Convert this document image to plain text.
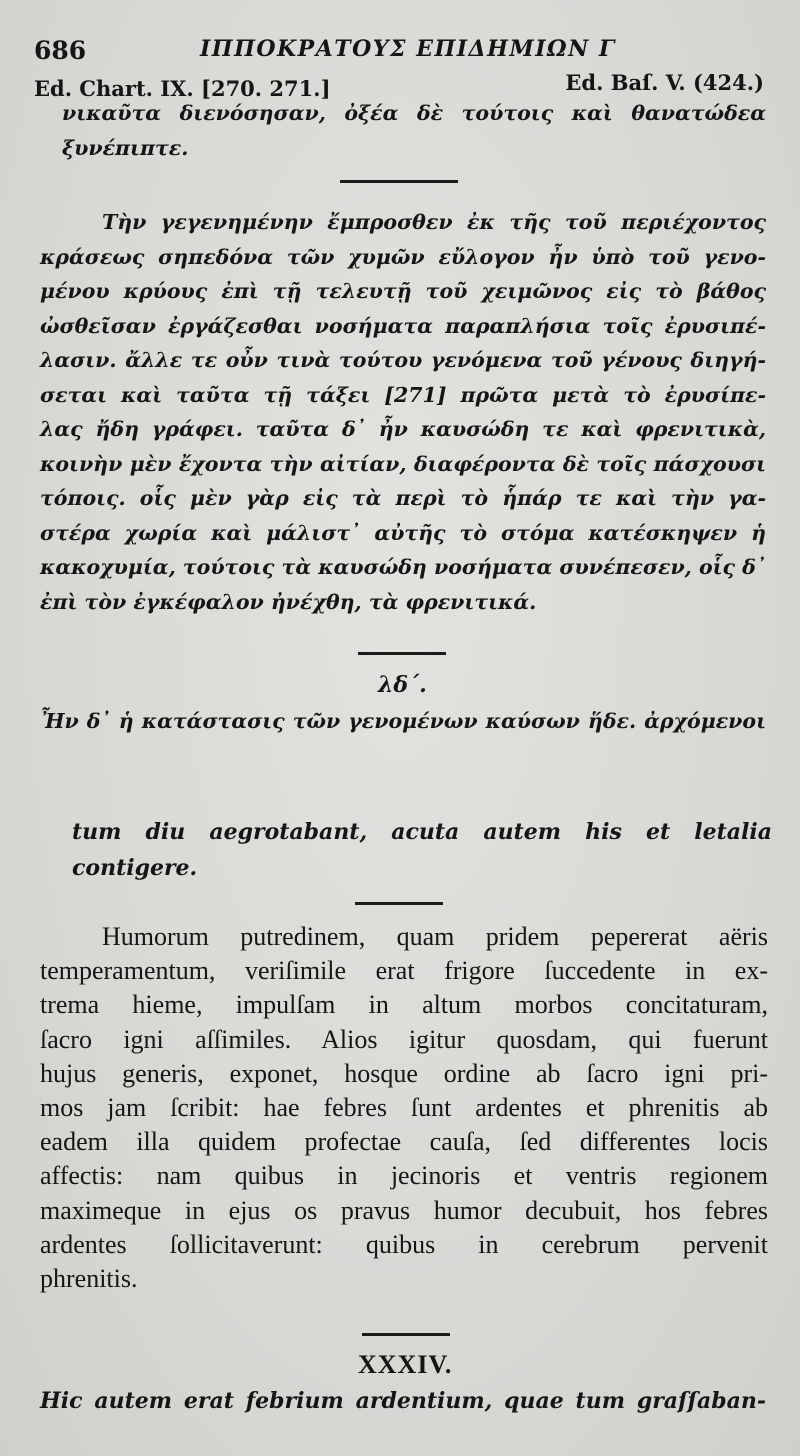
686	ΙΠΠΟΚΡΑΤΟΥΣ ΕΠΙΔΗΜΙΩΝ Γ
Ed. Chart. IX. [270. 271.]	Ed. Baſ. V. (424.)
νικαῦτα διενόσησαν, ὀξέα δὲ τούτοις καὶ θανατώδεα
ξυνέπιπτε.
Τὴν γεγενημένην ἔμπροσθεν ἐκ τῆς τοῦ περιέχοντος
κράσεως σηπεδόνα τῶν χυμῶν εὔλογον ἦν ὑπὸ τοῦ γενο-
μένου κρύους ἐπὶ τῇ τελευτῇ τοῦ χειμῶνος εἰς τὸ βάθος
ὠσθεῖσαν ἐργάζεσθαι νοσήματα παραπλήσια τοῖς ἐρυσιπέ-
λασιν. ἄλλε τε οὖν τινὰ τούτου γενόμενα τοῦ γένους διηγή-
σεται καὶ ταῦτα τῇ τάξει [271] πρῶτα μετὰ τὸ ἐρυσίπε-
λας ἤδη γράφει. ταῦτα δ᾽ ἦν καυσώδη τε καὶ φρενιτικὰ,
κοινὴν μὲν ἔχοντα τὴν αἰτίαν, διαφέροντα δὲ τοῖς πάσχουσι
τόποις. οἷς μὲν γὰρ εἰς τὰ περὶ τὸ ἧπάρ τε καὶ τὴν γα-
στέρα χωρία καὶ μάλιστ᾽ αὐτῆς τὸ στόμα κατέσκηψεν ἡ
κακοχυμία, τούτοις τὰ καυσώδη νοσήματα συνέπεσεν, οἷς δ᾽
ἐπὶ τὸν ἐγκέφαλον ἠνέχθη, τὰ φρενιτικά.
λδ΄.
Ἦν δ᾽ ἡ κατάστασις τῶν γενομένων καύσων ἥδε. ἀρχόμενοι
tum diu aegrotabant, acuta autem his et letalia
contigere.
Humorum putredinem, quam pridem pepererat aëris
temperamentum, veriſimile erat frigore ſuccedente in ex-
trema hieme, impulſam in altum morbos concitaturam,
ſacro igni aſſimiles. Alios igitur quosdam, qui fuerunt
hujus generis, exponet, hosque ordine ab ſacro igni pri-
mos jam ſcribit: hae febres ſunt ardentes et phrenitis ab
eadem illa quidem profectae cauſa, ſed differentes locis
affectis: nam quibus in jecinoris et ventris regionem
maximeque in ejus os pravus humor decubuit, hos febres
ardentes ſollicitaverunt: quibus in cerebrum pervenit
phrenitis.
XXXIV.
Hic autem erat febrium ardentium, quae tum graſſaban-
